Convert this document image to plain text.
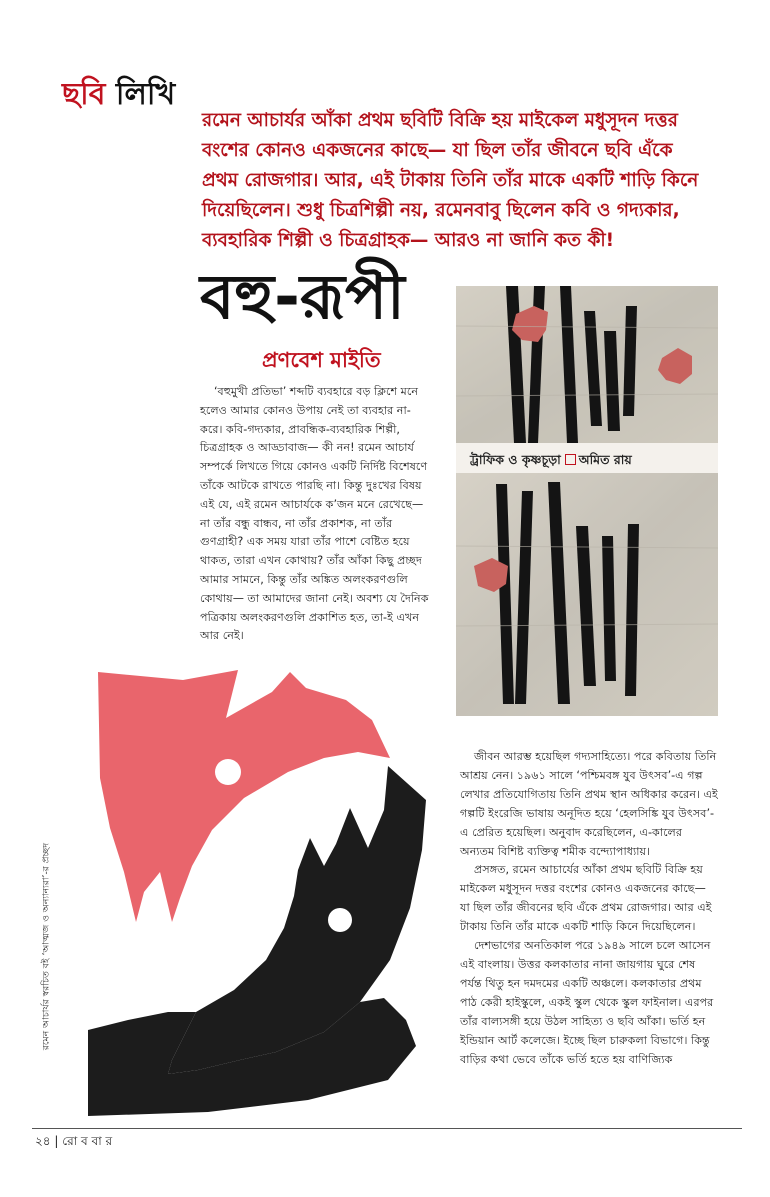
ছবি লিখি
রমেন আচার্যর আঁকা প্রথম ছবিটি বিক্রি হয় মাইকেল মধুসূদন দত্তর বংশের কোনও একজনের কাছে— যা ছিল তাঁর জীবনে ছবি এঁকে প্রথম রোজগার। আর, এই টাকায় তিনি তাঁর মাকে একটি শাড়ি কিনে দিয়েছিলেন। শুধু চিত্রশিল্পী নয়, রমেনবাবু ছিলেন কবি ও গদ্যকার, ব্যবহারিক শিল্পী ও চিত্রগ্রাহক— আরও না জানি কত কী!
বহু-রূপী
প্রণবেশ মাইতি

‘বহুমুখী প্রতিভা’ শব্দটি ব্যবহারে বড় ক্লিশে মনে হলেও আমার কোনও উপায় নেই তা ব্যবহার না-করে। কবি-গদ্যকার, প্রাবন্ধিক-ব্যবহারিক শিল্পী, চিত্রগ্রাহক ও আড্ডাবাজ— কী নন! রমেন আচার্য সম্পর্কে লিখতে গিয়ে কোনও একটি নির্দিষ্ট বিশেষণে তাঁকে আটকে রাখতে পারছি না। কিন্তু দুঃখের বিষয় এই যে, এই রমেন আচার্যকে ক’জন মনে রেখেছে— না তাঁর বন্ধু বান্ধব, না তাঁর প্রকাশক, না তাঁর গুণগ্রাহী? এক সময় যারা তাঁর পাশে বেষ্টিত হয়ে থাকত, তারা এখন কোথায়? তাঁর আঁকা কিছু প্রচ্ছদ আমার সামনে, কিন্তু তাঁর অঙ্কিত অলংকরণগুলি কোথায়— তা আমাদের জানা নেই। অবশ্য যে দৈনিক পত্রিকায় অলংকরণগুলি প্রকাশিত হত, তা-ই এখন আর নেই।

ট্রাফিক ও কৃষ্ণচূড়া অমিত রায়
রমেন আচার্যর স্বরচিত বই ‘আত্মজ ও অন্যান্যরা’-র প্রচ্ছদ

জীবন আরম্ভ হয়েছিল গদ্যসাহিত্যে। পরে কবিতায় তিনি আশ্রয় নেন। ১৯৬১ সালে ‘পশ্চিমবঙ্গ যুব উৎসব’-এ গল্প লেখার প্রতিযোগিতায় তিনি প্রথম স্থান অধিকার করেন। এই গল্পটি ইংরেজি ভাষায় অনূদিত হয়ে ‘হেলসিঙ্কি যুব উৎসব’-এ প্রেরিত হয়েছিল। অনুবাদ করেছিলেন, এ-কালের অন্যতম বিশিষ্ট ব্যক্তিত্ব শমীক বন্দ্যোপাধ্যায়।

প্রসঙ্গত, রমেন আচার্যের আঁকা প্রথম ছবিটি বিক্রি হয় মাইকেল মধুসূদন দত্তর বংশের কোনও একজনের কাছে— যা ছিল তাঁর জীবনের ছবি এঁকে প্রথম রোজগার। আর এই টাকায় তিনি তাঁর মাকে একটি শাড়ি কিনে দিয়েছিলেন।

দেশভাগের অনতিকাল পরে ১৯৪৯ সালে চলে আসেন এই বাংলায়। উত্তর কলকাতার নানা জায়গায় ঘুরে শেষ পর্যন্ত থিতু হন দমদমের একটি অঞ্চলে। কলকাতার প্রথম পাঠ কেরী হাইস্কুলে, একই স্কুল থেকে স্কুল ফাইনাল। এরপর তাঁর বাল্যসঙ্গী হয়ে উঠল সাহিত্য ও ছবি আঁকা। ভর্তি হন ইন্ডিয়ান আর্ট কলেজে। ইচ্ছে ছিল চারুকলা বিভাগে। কিন্তু বাড়ির কথা ভেবে তাঁকে ভর্তি হতে হয় বাণিজ্যিক

২৪ | রো ব বা র
